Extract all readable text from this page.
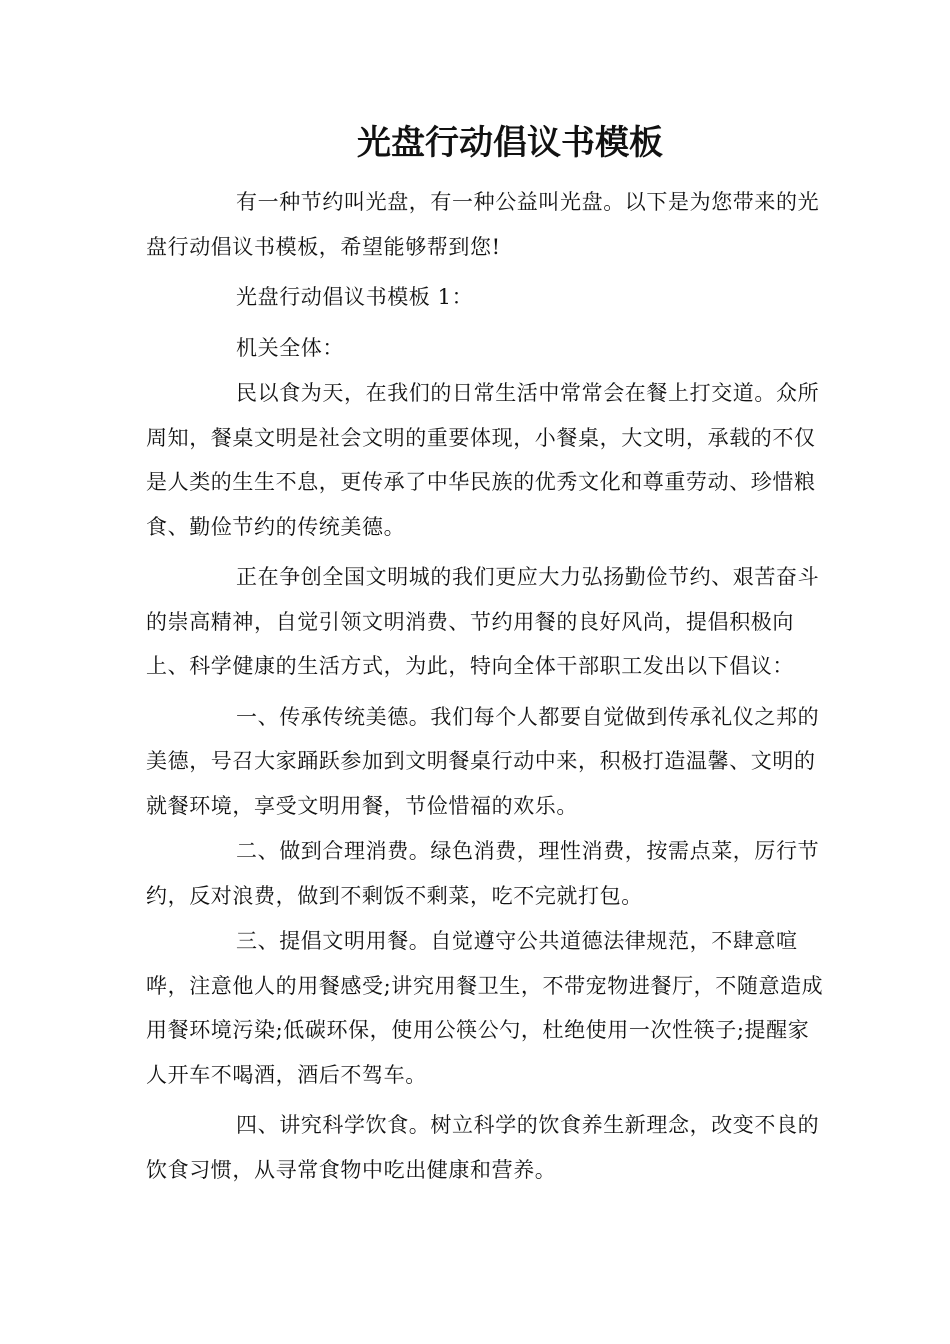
光盘行动倡议书模板

有一种节约叫光盘，有一种公益叫光盘。以下是为您带来的光盘行动倡议书模板，希望能够帮到您!

光盘行动倡议书模板 1：

机关全体：

民以食为天，在我们的日常生活中常常会在餐上打交道。众所周知，餐桌文明是社会文明的重要体现，小餐桌，大文明，承载的不仅是人类的生生不息，更传承了中华民族的优秀文化和尊重劳动、珍惜粮食、勤俭节约的传统美德。

正在争创全国文明城的我们更应大力弘扬勤俭节约、艰苦奋斗的崇高精神，自觉引领文明消费、节约用餐的良好风尚，提倡积极向上、科学健康的生活方式，为此，特向全体干部职工发出以下倡议：

一、传承传统美德。我们每个人都要自觉做到传承礼仪之邦的美德，号召大家踊跃参加到文明餐桌行动中来，积极打造温馨、文明的就餐环境，享受文明用餐，节俭惜福的欢乐。

二、做到合理消费。绿色消费，理性消费，按需点菜，厉行节约，反对浪费，做到不剩饭不剩菜，吃不完就打包。

三、提倡文明用餐。自觉遵守公共道德法律规范，不肆意喧哗，注意他人的用餐感受;讲究用餐卫生，不带宠物进餐厅，不随意造成用餐环境污染;低碳环保，使用公筷公勺，杜绝使用一次性筷子;提醒家人开车不喝酒，酒后不驾车。

四、讲究科学饮食。树立科学的饮食养生新理念，改变不良的饮食习惯，从寻常食物中吃出健康和营养。
